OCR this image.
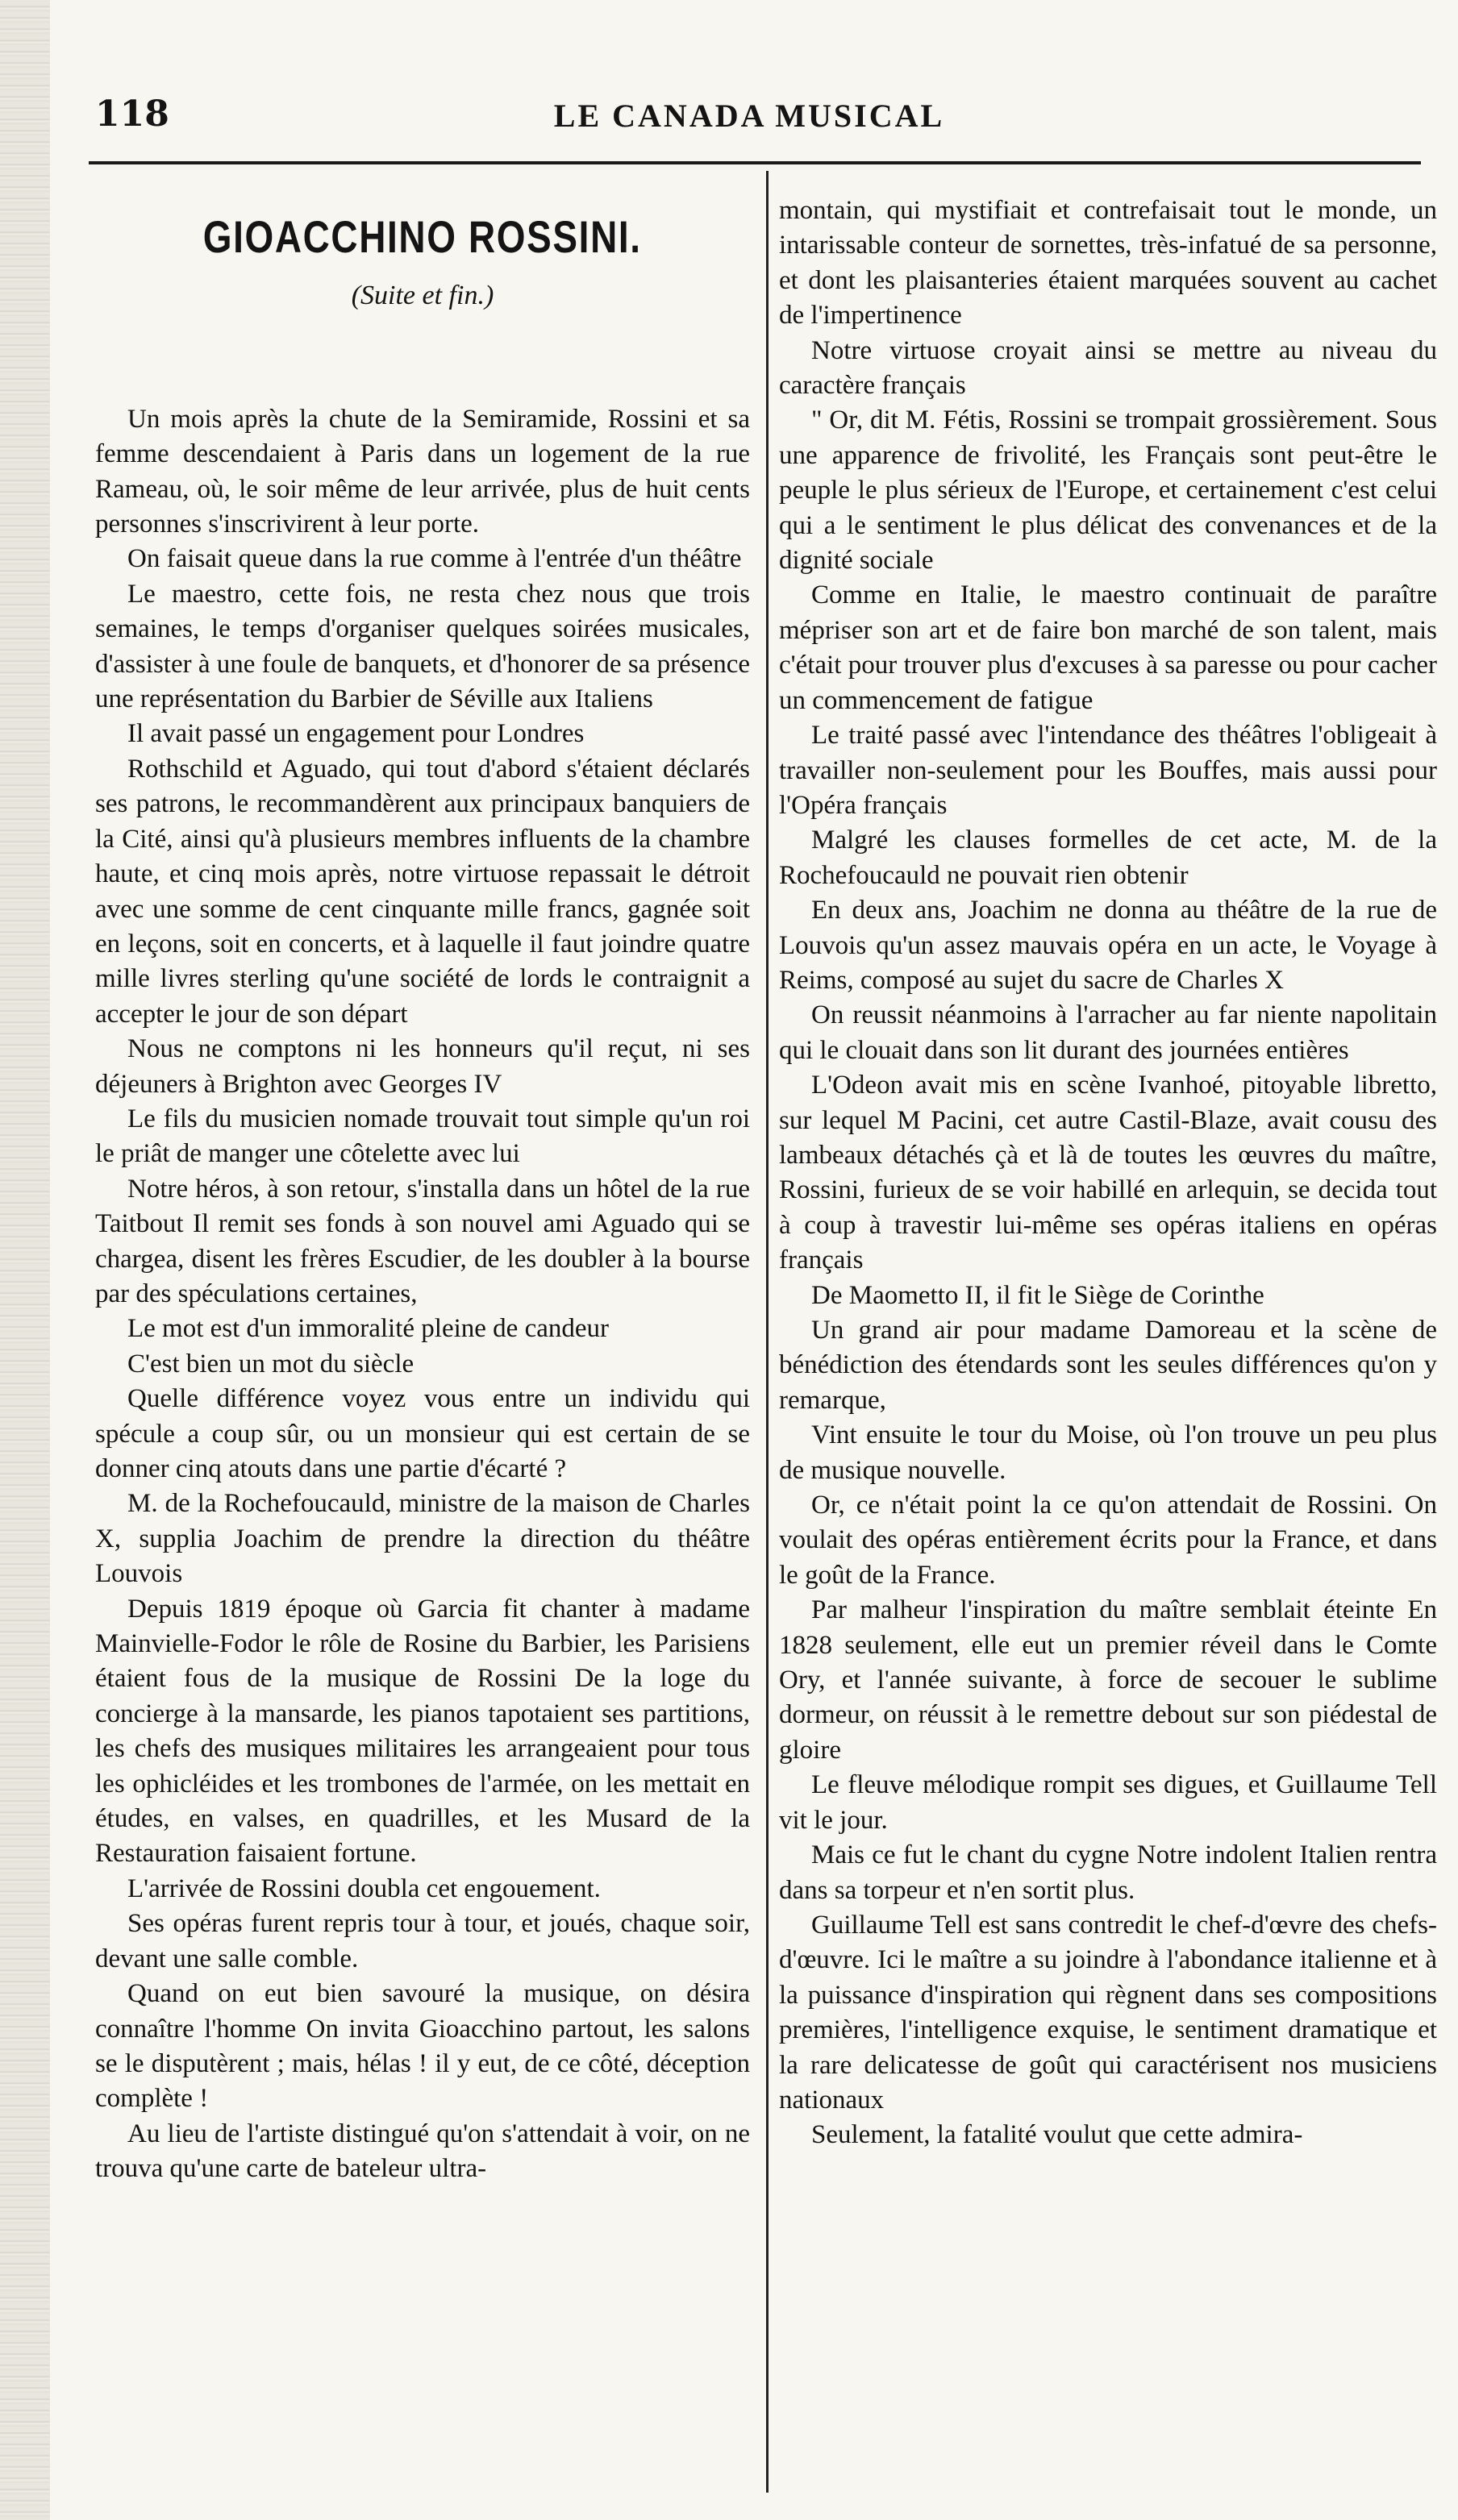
118	LE CANADA MUSICAL
GIOACCHINO ROSSINI.
(Suite et fin.)

Un mois après la chute de la Semiramide, Rossini et sa femme descendaient à Paris dans un logement de la rue Rameau, où, le soir même de leur arrivée, plus de huit cents personnes s'inscrivirent à leur porte.

On faisait queue dans la rue comme à l'entrée d'un théâtre

Le maestro, cette fois, ne resta chez nous que trois semaines, le temps d'organiser quelques soirées musicales, d'assister à une foule de banquets, et d'honorer de sa présence une représentation du Barbier de Séville aux Italiens

Il avait passé un engagement pour Londres

Rothschild et Aguado, qui tout d'abord s'étaient déclarés ses patrons, le recommandèrent aux principaux banquiers de la Cité, ainsi qu'à plusieurs membres influents de la chambre haute, et cinq mois après, notre virtuose repassait le détroit avec une somme de cent cinquante mille francs, gagnée soit en leçons, soit en concerts, et à laquelle il faut joindre quatre mille livres sterling qu'une société de lords le contraignit a accepter le jour de son départ

Nous ne comptons ni les honneurs qu'il reçut, ni ses déjeuners à Brighton avec Georges IV

Le fils du musicien nomade trouvait tout simple qu'un roi le priât de manger une côtelette avec lui

Notre héros, à son retour, s'installa dans un hôtel de la rue Taitbout Il remit ses fonds à son nouvel ami Aguado qui se chargea, disent les frères Escudier, de les doubler à la bourse par des spéculations certaines,

Le mot est d'un immoralité pleine de candeur

C'est bien un mot du siècle

Quelle différence voyez vous entre un individu qui spécule a coup sûr, ou un monsieur qui est certain de se donner cinq atouts dans une partie d'écarté ?

M. de la Rochefoucauld, ministre de la maison de Charles X, supplia Joachim de prendre la direction du théâtre Louvois

Depuis 1819 époque où Garcia fit chanter à madame Mainvielle-Fodor le rôle de Rosine du Barbier, les Parisiens étaient fous de la musique de Rossini De la loge du concierge à la mansarde, les pianos tapotaient ses partitions, les chefs des musiques militaires les arrangeaient pour tous les ophicléides et les trombones de l'armée, on les mettait en études, en valses, en quadrilles, et les Musard de la Restauration faisaient fortune.

L'arrivée de Rossini doubla cet engouement.

Ses opéras furent repris tour à tour, et joués, chaque soir, devant une salle comble.

Quand on eut bien savouré la musique, on désira connaître l'homme On invita Gioacchino partout, les salons se le disputèrent ; mais, hélas ! il y eut, de ce côté, déception complète !

Au lieu de l'artiste distingué qu'on s'attendait à voir, on ne trouva qu'une carte de bateleur ultra-

montain, qui mystifiait et contrefaisait tout le monde, un intarissable conteur de sornettes, très-infatué de sa personne, et dont les plaisanteries étaient marquées souvent au cachet de l'impertinence

Notre virtuose croyait ainsi se mettre au niveau du caractère français

" Or, dit M. Fétis, Rossini se trompait grossièrement. Sous une apparence de frivolité, les Français sont peut-être le peuple le plus sérieux de l'Europe, et certainement c'est celui qui a le sentiment le plus délicat des convenances et de la dignité sociale

Comme en Italie, le maestro continuait de paraître mépriser son art et de faire bon marché de son talent, mais c'était pour trouver plus d'excuses à sa paresse ou pour cacher un commencement de fatigue

Le traité passé avec l'intendance des théâtres l'obligeait à travailler non-seulement pour les Bouffes, mais aussi pour l'Opéra français

Malgré les clauses formelles de cet acte, M. de la Rochefoucauld ne pouvait rien obtenir

En deux ans, Joachim ne donna au théâtre de la rue de Louvois qu'un assez mauvais opéra en un acte, le Voyage à Reims, composé au sujet du sacre de Charles X

On reussit néanmoins à l'arracher au far niente napolitain qui le clouait dans son lit durant des journées entières

L'Odeon avait mis en scène Ivanhoé, pitoyable libretto, sur lequel M Pacini, cet autre Castil-Blaze, avait cousu des lambeaux détachés çà et là de toutes les œuvres du maître, Rossini, furieux de se voir habillé en arlequin, se decida tout à coup à travestir lui-même ses opéras italiens en opéras français

De Maometto II, il fit le Siège de Corinthe

Un grand air pour madame Damoreau et la scène de bénédiction des étendards sont les seules différences qu'on y remarque,

Vint ensuite le tour du Moise, où l'on trouve un peu plus de musique nouvelle.

Or, ce n'était point la ce qu'on attendait de Rossini. On voulait des opéras entièrement écrits pour la France, et dans le goût de la France.

Par malheur l'inspiration du maître semblait éteinte En 1828 seulement, elle eut un premier réveil dans le Comte Ory, et l'année suivante, à force de secouer le sublime dormeur, on réussit à le remettre debout sur son piédestal de gloire

Le fleuve mélodique rompit ses digues, et Guillaume Tell vit le jour.

Mais ce fut le chant du cygne Notre indolent Italien rentra dans sa torpeur et n'en sortit plus.

Guillaume Tell est sans contredit le chef-d'œvre des chefs-d'œuvre. Ici le maître a su joindre à l'abondance italienne et à la puissance d'inspiration qui règnent dans ses compositions premières, l'intelligence exquise, le sentiment dramatique et la rare delicatesse de goût qui caractérisent nos musiciens nationaux

Seulement, la fatalité voulut que cette admira-
